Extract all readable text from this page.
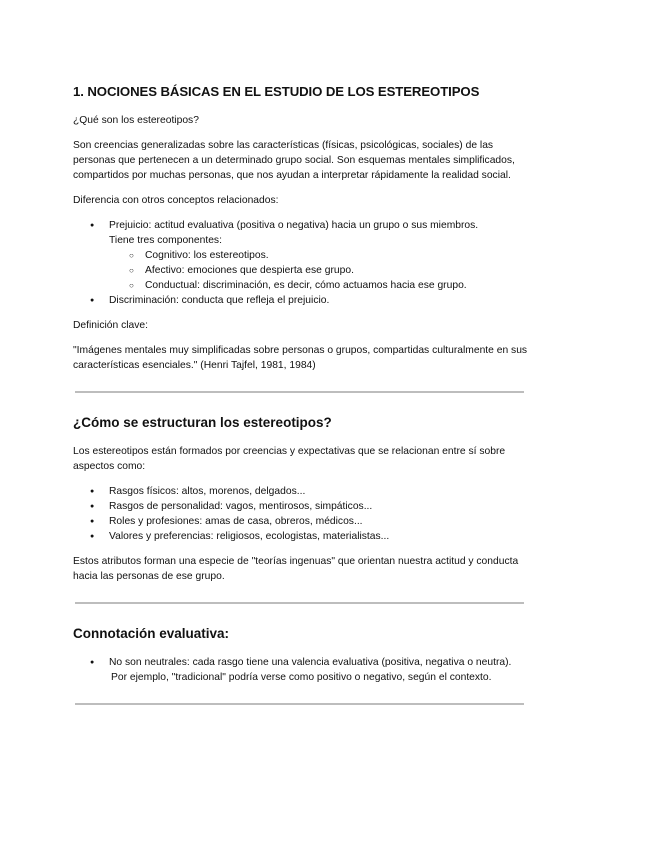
1. NOCIONES BÁSICAS EN EL ESTUDIO DE LOS ESTEREOTIPOS

¿Qué son los estereotipos?

Son creencias generalizadas sobre las características (físicas, psicológicas, sociales) de las personas que pertenecen a un determinado grupo social. Son esquemas mentales simplificados, compartidos por muchas personas, que nos ayudan a interpretar rápidamente la realidad social.

Diferencia con otros conceptos relacionados:

● Prejuicio: actitud evaluativa (positiva o negativa) hacia un grupo o sus miembros.
Tiene tres componentes:
○ Cognitivo: los estereotipos.
○ Afectivo: emociones que despierta ese grupo.
○ Conductual: discriminación, es decir, cómo actuamos hacia ese grupo.
● Discriminación: conducta que refleja el prejuicio.

Definición clave:

"Imágenes mentales muy simplificadas sobre personas o grupos, compartidas culturalmente en sus características esenciales." (Henri Tajfel, 1981, 1984)

¿Cómo se estructuran los estereotipos?

Los estereotipos están formados por creencias y expectativas que se relacionan entre sí sobre aspectos como:

● Rasgos físicos: altos, morenos, delgados...
● Rasgos de personalidad: vagos, mentirosos, simpáticos...
● Roles y profesiones: amas de casa, obreros, médicos...
● Valores y preferencias: religiosos, ecologistas, materialistas...

Estos atributos forman una especie de "teorías ingenuas" que orientan nuestra actitud y conducta hacia las personas de ese grupo.

Connotación evaluativa:
● No son neutrales: cada rasgo tiene una valencia evaluativa (positiva, negativa o neutra).
Por ejemplo, "tradicional" podría verse como positivo o negativo, según el contexto.
